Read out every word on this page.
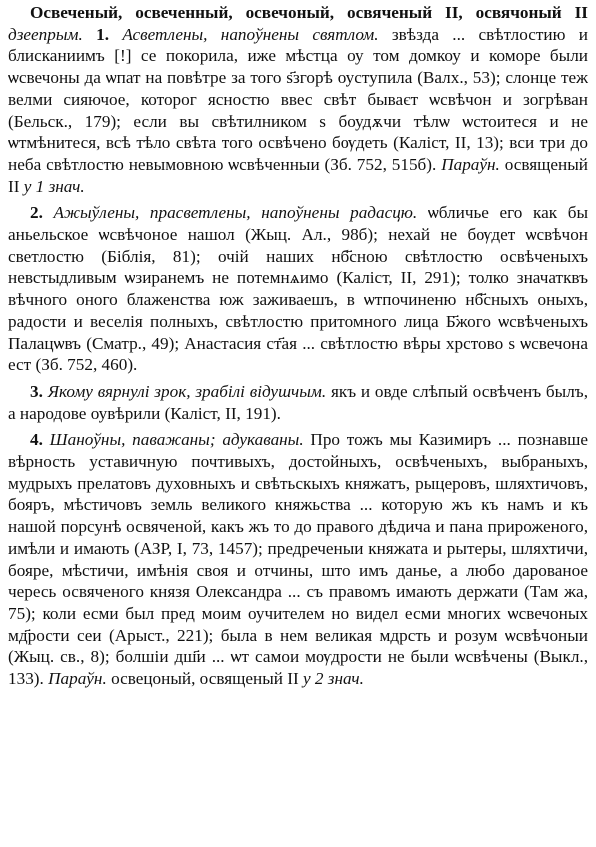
Освеченый, освеченный, освечоный, освяченый II, освячоный II дзеепрым. 1. Асветлены, напоўнены святлом. звѣзда ... свѣтлостию и блисканиимъ [!] се покорила, иже мѣстца оу том домкоу и коморе были ѡсвечоны да ѡпат на повѣтре за того ѕ҃згорѣ оуступила (Валх., 53); слонце теж велми сияючое, которог ясностю ввес свѣт бываєт ѡсвѣчон и зогрѣван (Бельск., 179); если вы свѣтилником ѕ боудѫчи тѣлѡ ѡстоитеся и не ѡтмѣнитеся, всѣ тѣло свѣта того освѣчено бѹдеть (Каліст, II, 13); вси три до неба свѣтлостю невымовною ѡсвѣченныи (Зб. 752, 515б). Параўн. освященый II у 1 знач.

2. Ажыўлены, прасветлены, напоўнены радасцю. ѡбличье его как бы аньельское ѡсвѣчоное нашол (Жыц. Ал., 98б); нехай не бѹдет ѡсвѣчон светлостю (Біблія, 81); очій наших нб҃сною свѣтлостю освѣченыхъ невстыдливым ѡзиранемъ не потемнѧимо (Каліст, II, 291); толко значатквъ вѣчного оного блаженства юж заживаешъ, в ѡтпочиненю нб҃сныхъ оныхъ, радости и веселія полныхъ, свѣтлостю притомного лица Б҃жого ѡсвѣченыхъ Палацѡвъ (Сматр., 49); Анастасия ст҃ая ... свѣтлостю вѣры хрстово ѕ ѡсвечона ест (Зб. 752, 460).

3. Якому вярнулі зрок, зрабілі відушчым. якъ и овде слѣпый освѣченъ былъ, а народове оувѣрили (Каліст, II, 191).

4. Шаноўны, паважаны; адукаваны. Про тожъ мы Казимиръ ... познавше вѣрность уставичную почтивыхъ, достойныхъ, освѣченыхъ, выбраныхъ, мудрыхъ прелатовъ духовныхъ и свѣтьскыхъ княжатъ, рыцеровъ, шляхтичовъ, бояръ, мѣстичовъ земль великого княжьства ... которую жъ къ намъ и къ нашой порсунѣ освяченой, какъ жъ то до правого дѣдича и пана прироженого, имѣли и имають (АЗР, I, 73, 1457); предреченыи княжата и рытеры, шляхтичи, бояре, мѣстичи, имѣнія своя и отчины, што имъ данье, а любо дарованое чересь освяченого князя Олександра ... съ правомъ имають держати (Там жа, 75); коли есми был пред моим оучителем но видел есми многих ѡсвечоных мд҃рости сеи (Арыст., 221); была в нем великая мдрсть и розум ѡсвѣчоныи (Жыц. св., 8); болшіи дш҃и ... ѡт самои мѹдрости не были ѡсвѣчены (Выкл., 133). Параўн. освецоный, освященый II у 2 знач.
